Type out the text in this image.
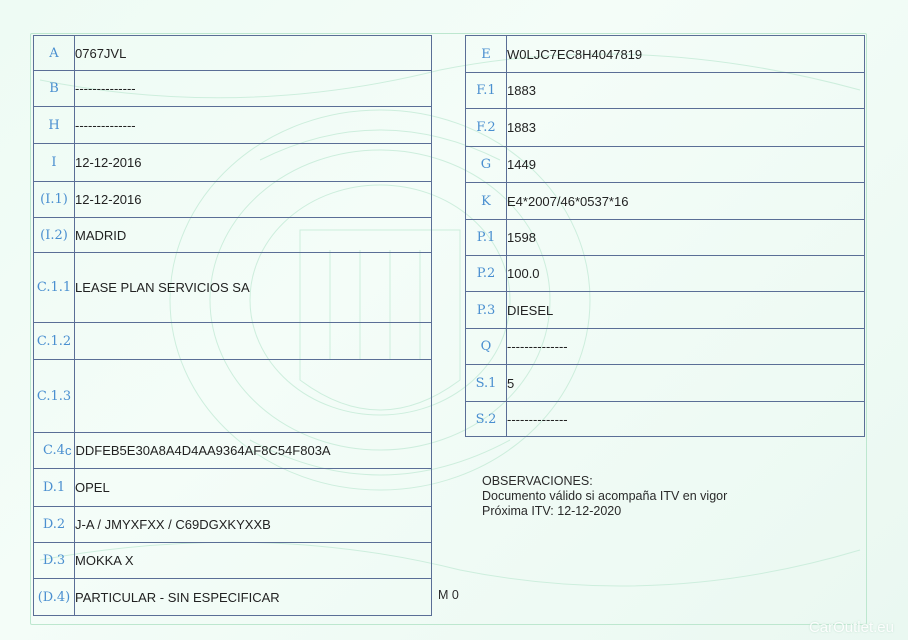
A	0767JVL
B	--------------
H	--------------
I	12-12-2016
(I.1)	12-12-2016
(I.2)	MADRID
C.1.1	LEASE PLAN SERVICIOS SA
C.1.2	
C.1.3	
C.4	c DDFEB5E30A8A4D4AA9364AF8C54F803A
D.1	OPEL
D.2	J-A / JMYXFXX / C69DGXKYXXB
D.3	MOKKA X
(D.4)	PARTICULAR - SIN ESPECIFICAR
E	W0LJC7EC8H4047819
F.1	1883
F.2	1883
G	1449
K	E4*2007/46*0537*16
P.1	1598
P.2	100.0
P.3	DIESEL
Q	--------------
S.1	5
S.2	--------------
OBSERVACIONES:
Documento válido si acompaña ITV en vigor
Próxima ITV: 12-12-2020
M 0
CarOutlet.eu
